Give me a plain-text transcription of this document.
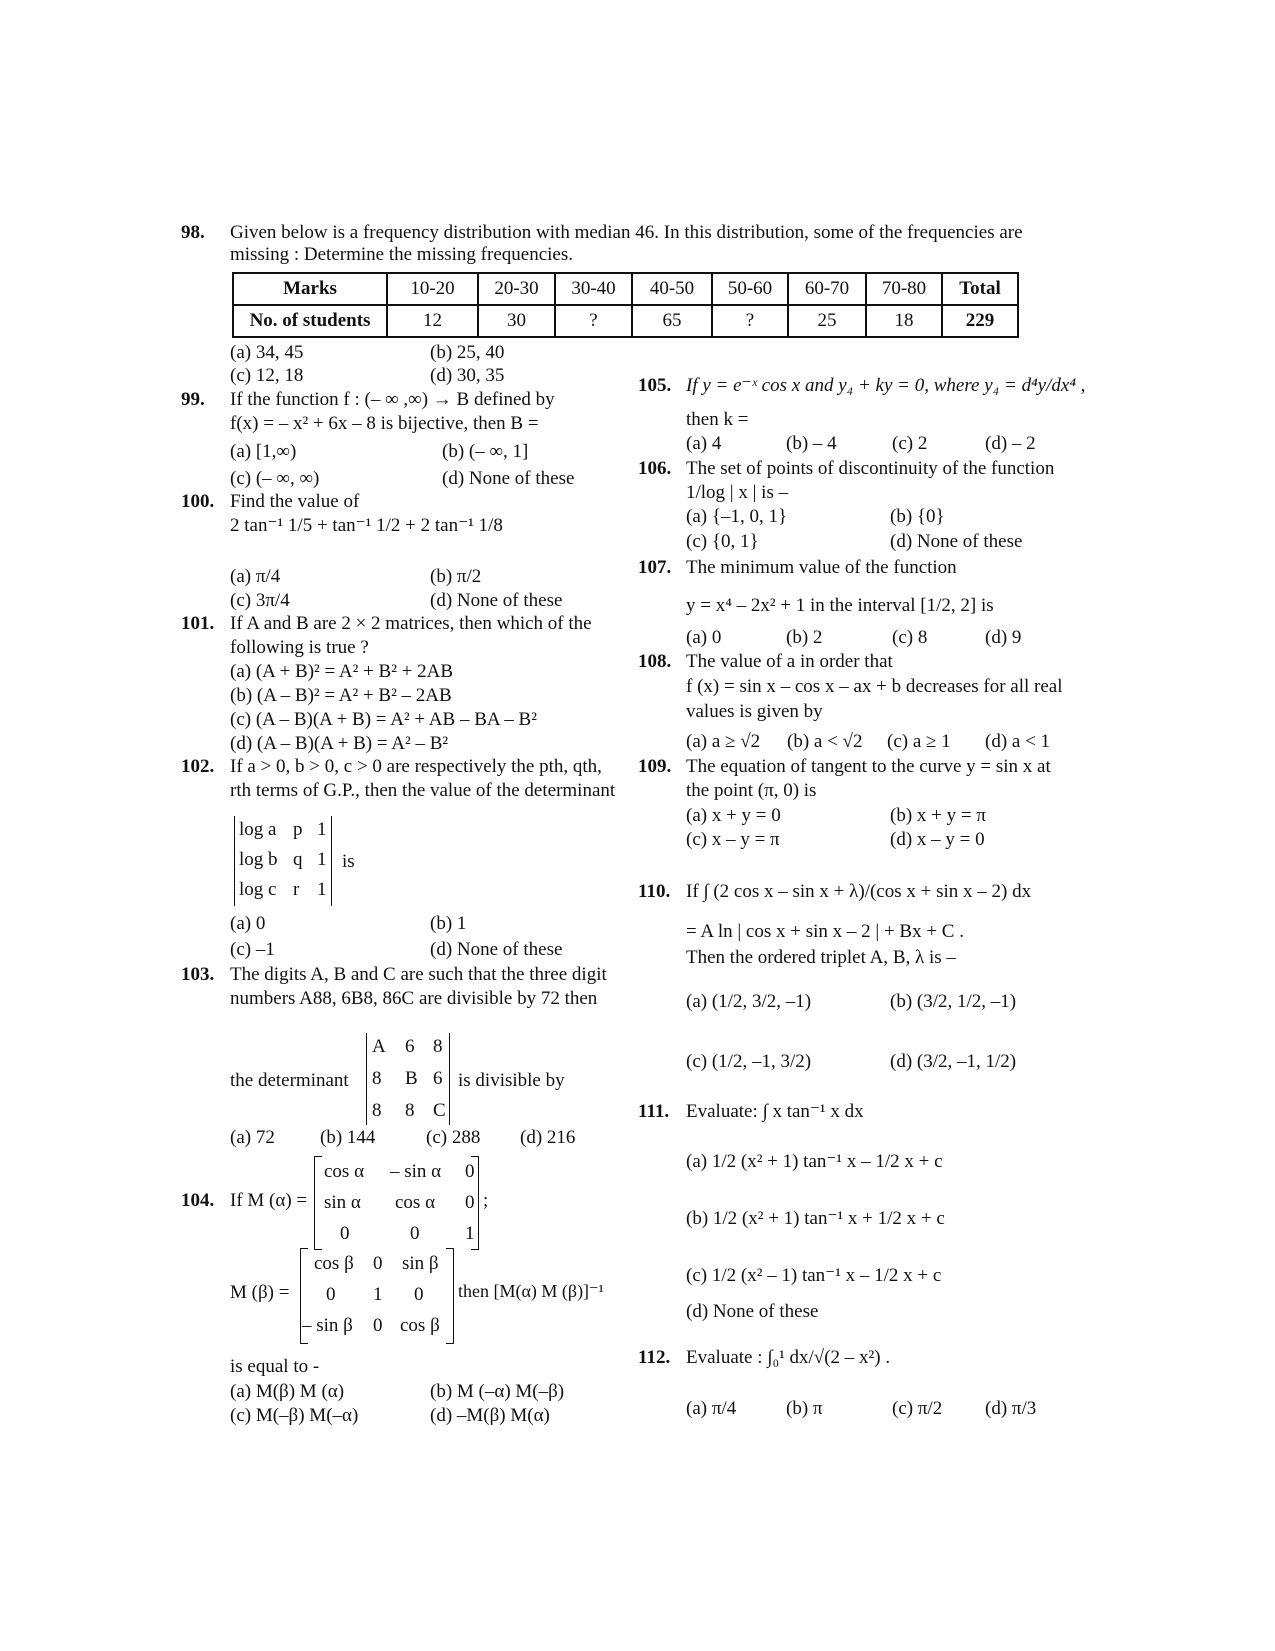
98. Given below is a frequency distribution with median 46. In this distribution, some of the frequencies are
missing : Determine the missing frequencies.
Marks	10-20	20-30	30-40	40-50	50-60	60-70	70-80	Total
No. of students	12	30	?	65	?	25	18	229
(a) 34, 45	(b) 25, 40
(c) 12, 18	(d) 30, 35
99. If the function f : (– ∞ ,∞) → B defined by
f(x) = – x² + 6x – 8 is bijective, then B =
(a) [1,∞)	(b) (– ∞, 1]
(c) (– ∞, ∞)	(d) None of these
100. Find the value of
2 tan⁻¹ 1/5 + tan⁻¹ 1/2 + 2 tan⁻¹ 1/8
(a) π/4	(b) π/2
(c) 3π/4	(d) None of these
101. If A and B are 2 × 2 matrices, then which of the
following is true ?
(a) (A + B)² = A² + B² + 2AB
(b) (A – B)² = A² + B² – 2AB
(c) (A – B)(A + B) = A² + AB – BA – B²
(d) (A – B)(A + B) = A² – B²
102. If a > 0, b > 0, c > 0 are respectively the pth, qth,
rth terms of G.P., then the value of the determinant
log a p 1
log b q 1
log c r 1
is
(a) 0	(b) 1
(c) –1	(d) None of these
103. The digits A, B and C are such that the three digit
numbers A88, 6B8, 86C are divisible by 72 then
the determinant
A 6 8
8 B 6
8 8 C
is divisible by
(a) 72 (b) 144	(c) 288 (d) 216
104. If M (α) =
cos α – sin α 0
sin α cos α 0
0	0 1
;
M (β) =
cos β 0 sin β
0 1 0
– sin β 0 cos β
then [M(α) M (β)]⁻¹
is equal to -
(a) M(β) M (α)	(b) M (–α) M(–β)
(c) M(–β) M(–α)	(d) –M(β) M(α)
105. If y = e⁻ˣ cos x and y₄ + ky = 0, where y₄ = d⁴y/dx⁴ ,
then k =
(a) 4	(b) – 4	(c) 2	(d) – 2
106. The set of points of discontinuity of the function
1/log | x | is –
(a) {–1, 0, 1}	(b) {0}
(c) {0, 1}	(d) None of these
107. The minimum value of the function
y = x⁴ – 2x² + 1 in the interval [1/2, 2] is
(a) 0	(b) 2	(c) 8	(d) 9
108. The value of a in order that
f (x) = sin x – cos x – ax + b decreases for all real
values is given by
(a) a ≥ √2 (b) a < √2 (c) a ≥ 1 (d) a < 1
109. The equation of tangent to the curve y = sin x at
the point (π, 0) is
(a) x + y = 0	(b) x + y = π
(c) x – y = π	(d) x – y = 0
110. If ∫ (2 cos x – sin x + λ)/(cos x + sin x – 2) dx
= A ln | cos x + sin x – 2 | + Bx + C .
Then the ordered triplet A, B, λ is –
(a) (1/2, 3/2, –1)	(b) (3/2, 1/2, –1)
(c) (1/2, –1, 3/2)	(d) (3/2, –1, 1/2)
111. Evaluate: ∫ x tan⁻¹ x dx
(a) 1/2 (x² + 1) tan⁻¹ x – 1/2 x + c
(b) 1/2 (x² + 1) tan⁻¹ x + 1/2 x + c
(c) 1/2 (x² – 1) tan⁻¹ x – 1/2 x + c
(d) None of these
112. Evaluate : ∫₀¹ dx/√(2 – x²) .
(a) π/4	(b) π	(c) π/2 (d) π/3
